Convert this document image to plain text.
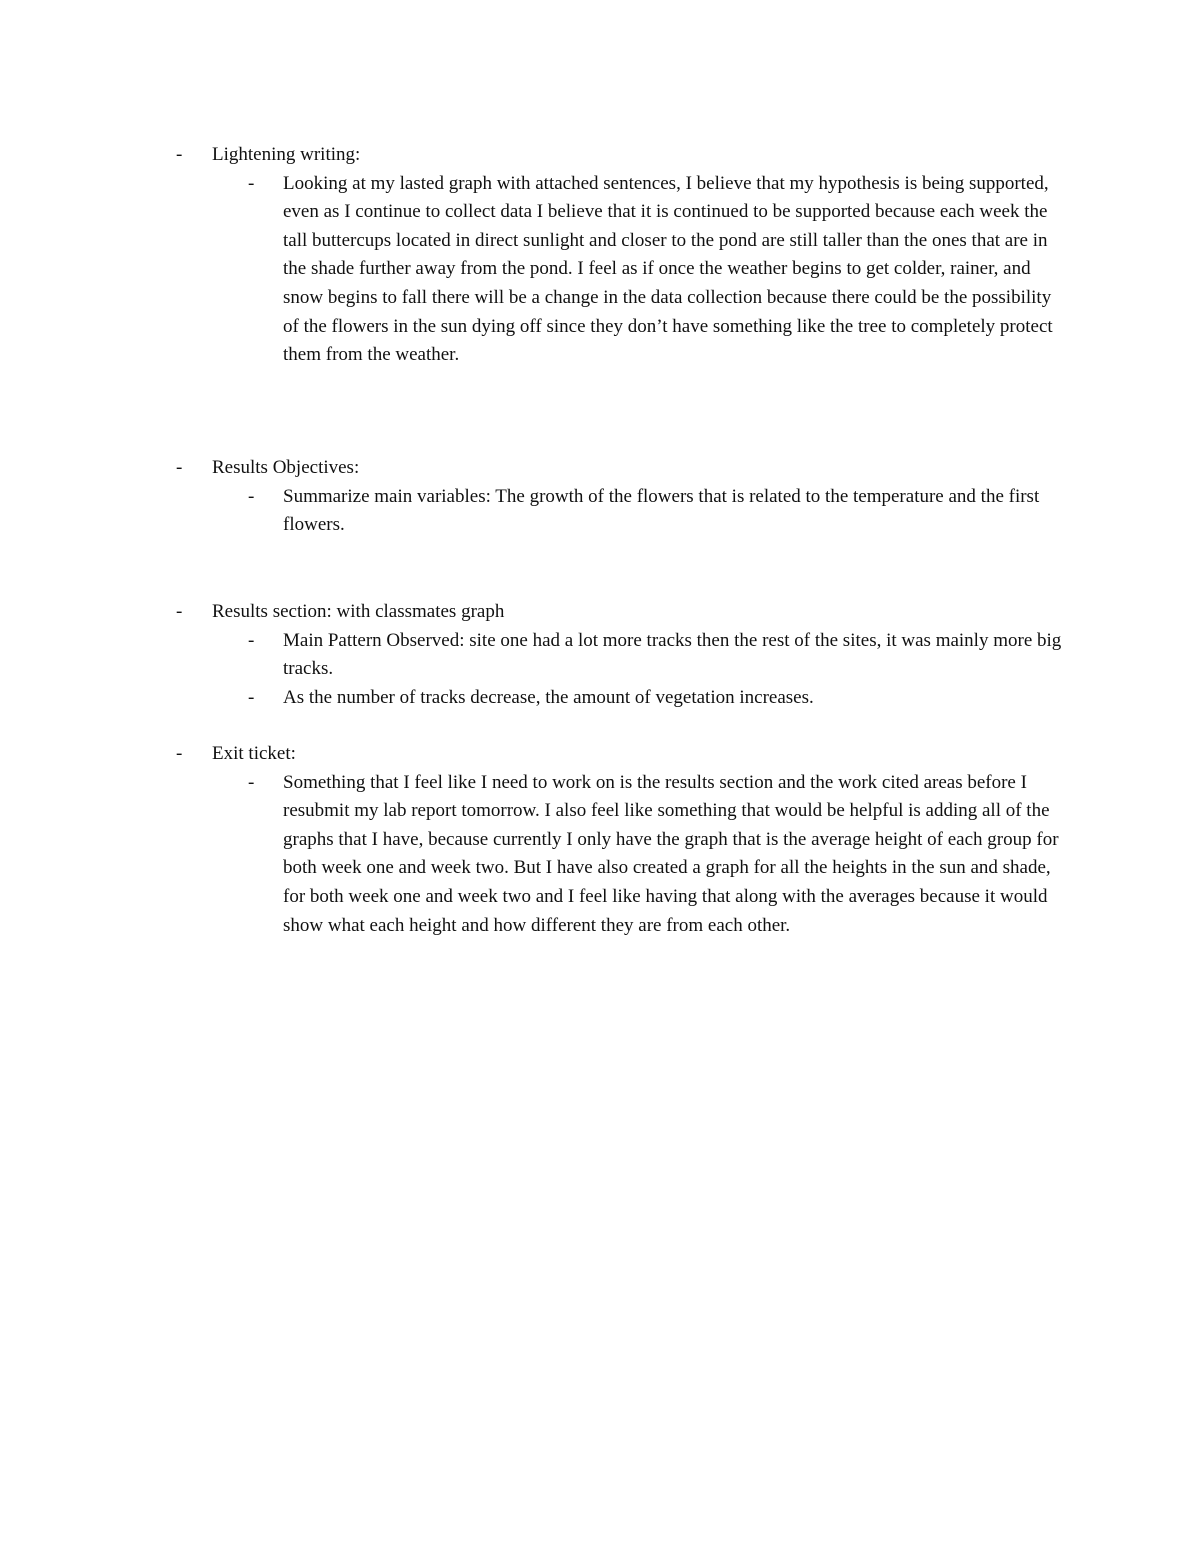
- Lightening writing:
- Looking at my lasted graph with attached sentences, I believe that my hypothesis is being supported, even as I continue to collect data I believe that it is continued to be supported because each week the tall buttercups located in direct sunlight and closer to the pond are still taller than the ones that are in the shade further away from the pond. I feel as if once the weather begins to get colder, rainer, and snow begins to fall there will be a change in the data collection because there could be the possibility of the flowers in the sun dying off since they don’t have something like the tree to completely protect them from the weather.
- Results Objectives:
- Summarize main variables: The growth of the flowers that is related to the temperature and the first flowers.
- Results section: with classmates graph
- Main Pattern Observed: site one had a lot more tracks then the rest of the sites, it was mainly more big tracks.
- As the number of tracks decrease, the amount of vegetation increases.
- Exit ticket:
- Something that I feel like I need to work on is the results section and the work cited areas before I resubmit my lab report tomorrow. I also feel like something that would be helpful is adding all of the graphs that I have, because currently I only have the graph that is the average height of each group for both week one and week two. But I have also created a graph for all the heights in the sun and shade, for both week one and week two and I feel like having that along with the averages because it would show what each height and how different they are from each other.
